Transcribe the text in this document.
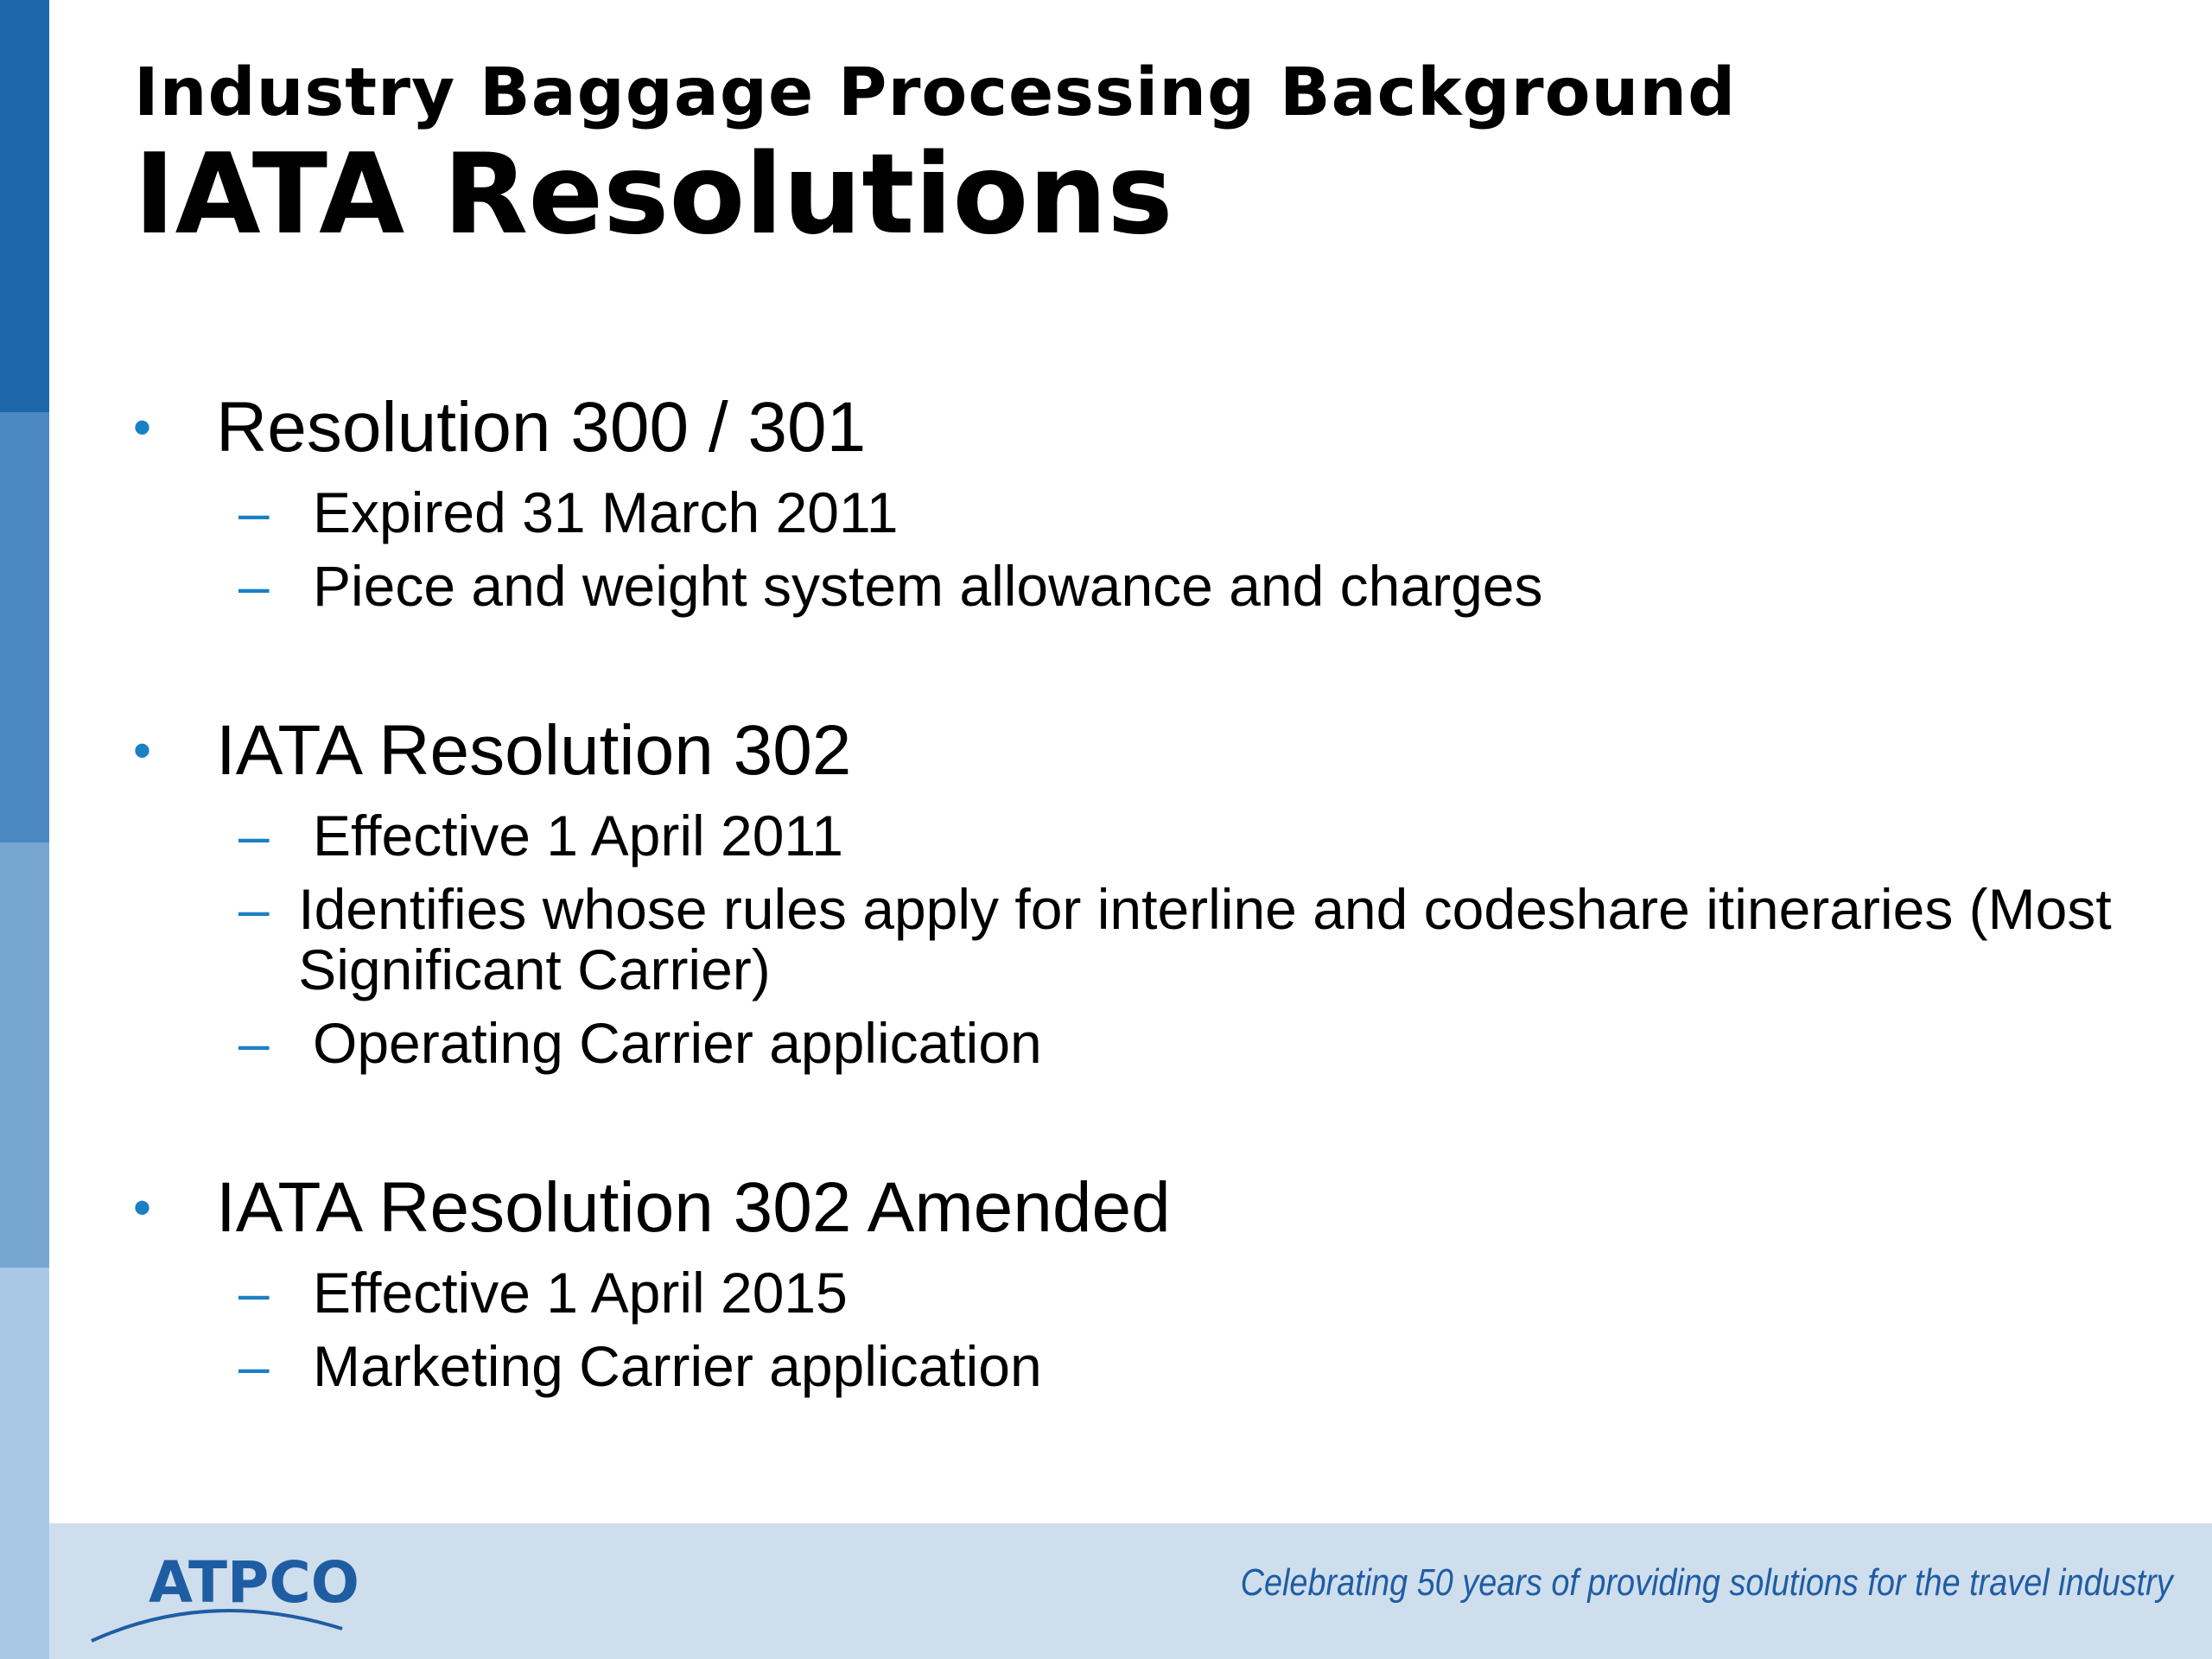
Industry Baggage Processing Background
IATA Resolutions
• Resolution 300 / 301
– Expired 31 March 2011
– Piece and weight system allowance and charges
• IATA Resolution 302
– Effective 1 April 2011
– Identifies whose rules apply for interline and codeshare itineraries (Most Significant Carrier)
– Operating Carrier application
• IATA Resolution 302 Amended
– Effective 1 April 2015
– Marketing Carrier application
ATPCO	Celebrating 50 years of providing solutions for the travel industry
